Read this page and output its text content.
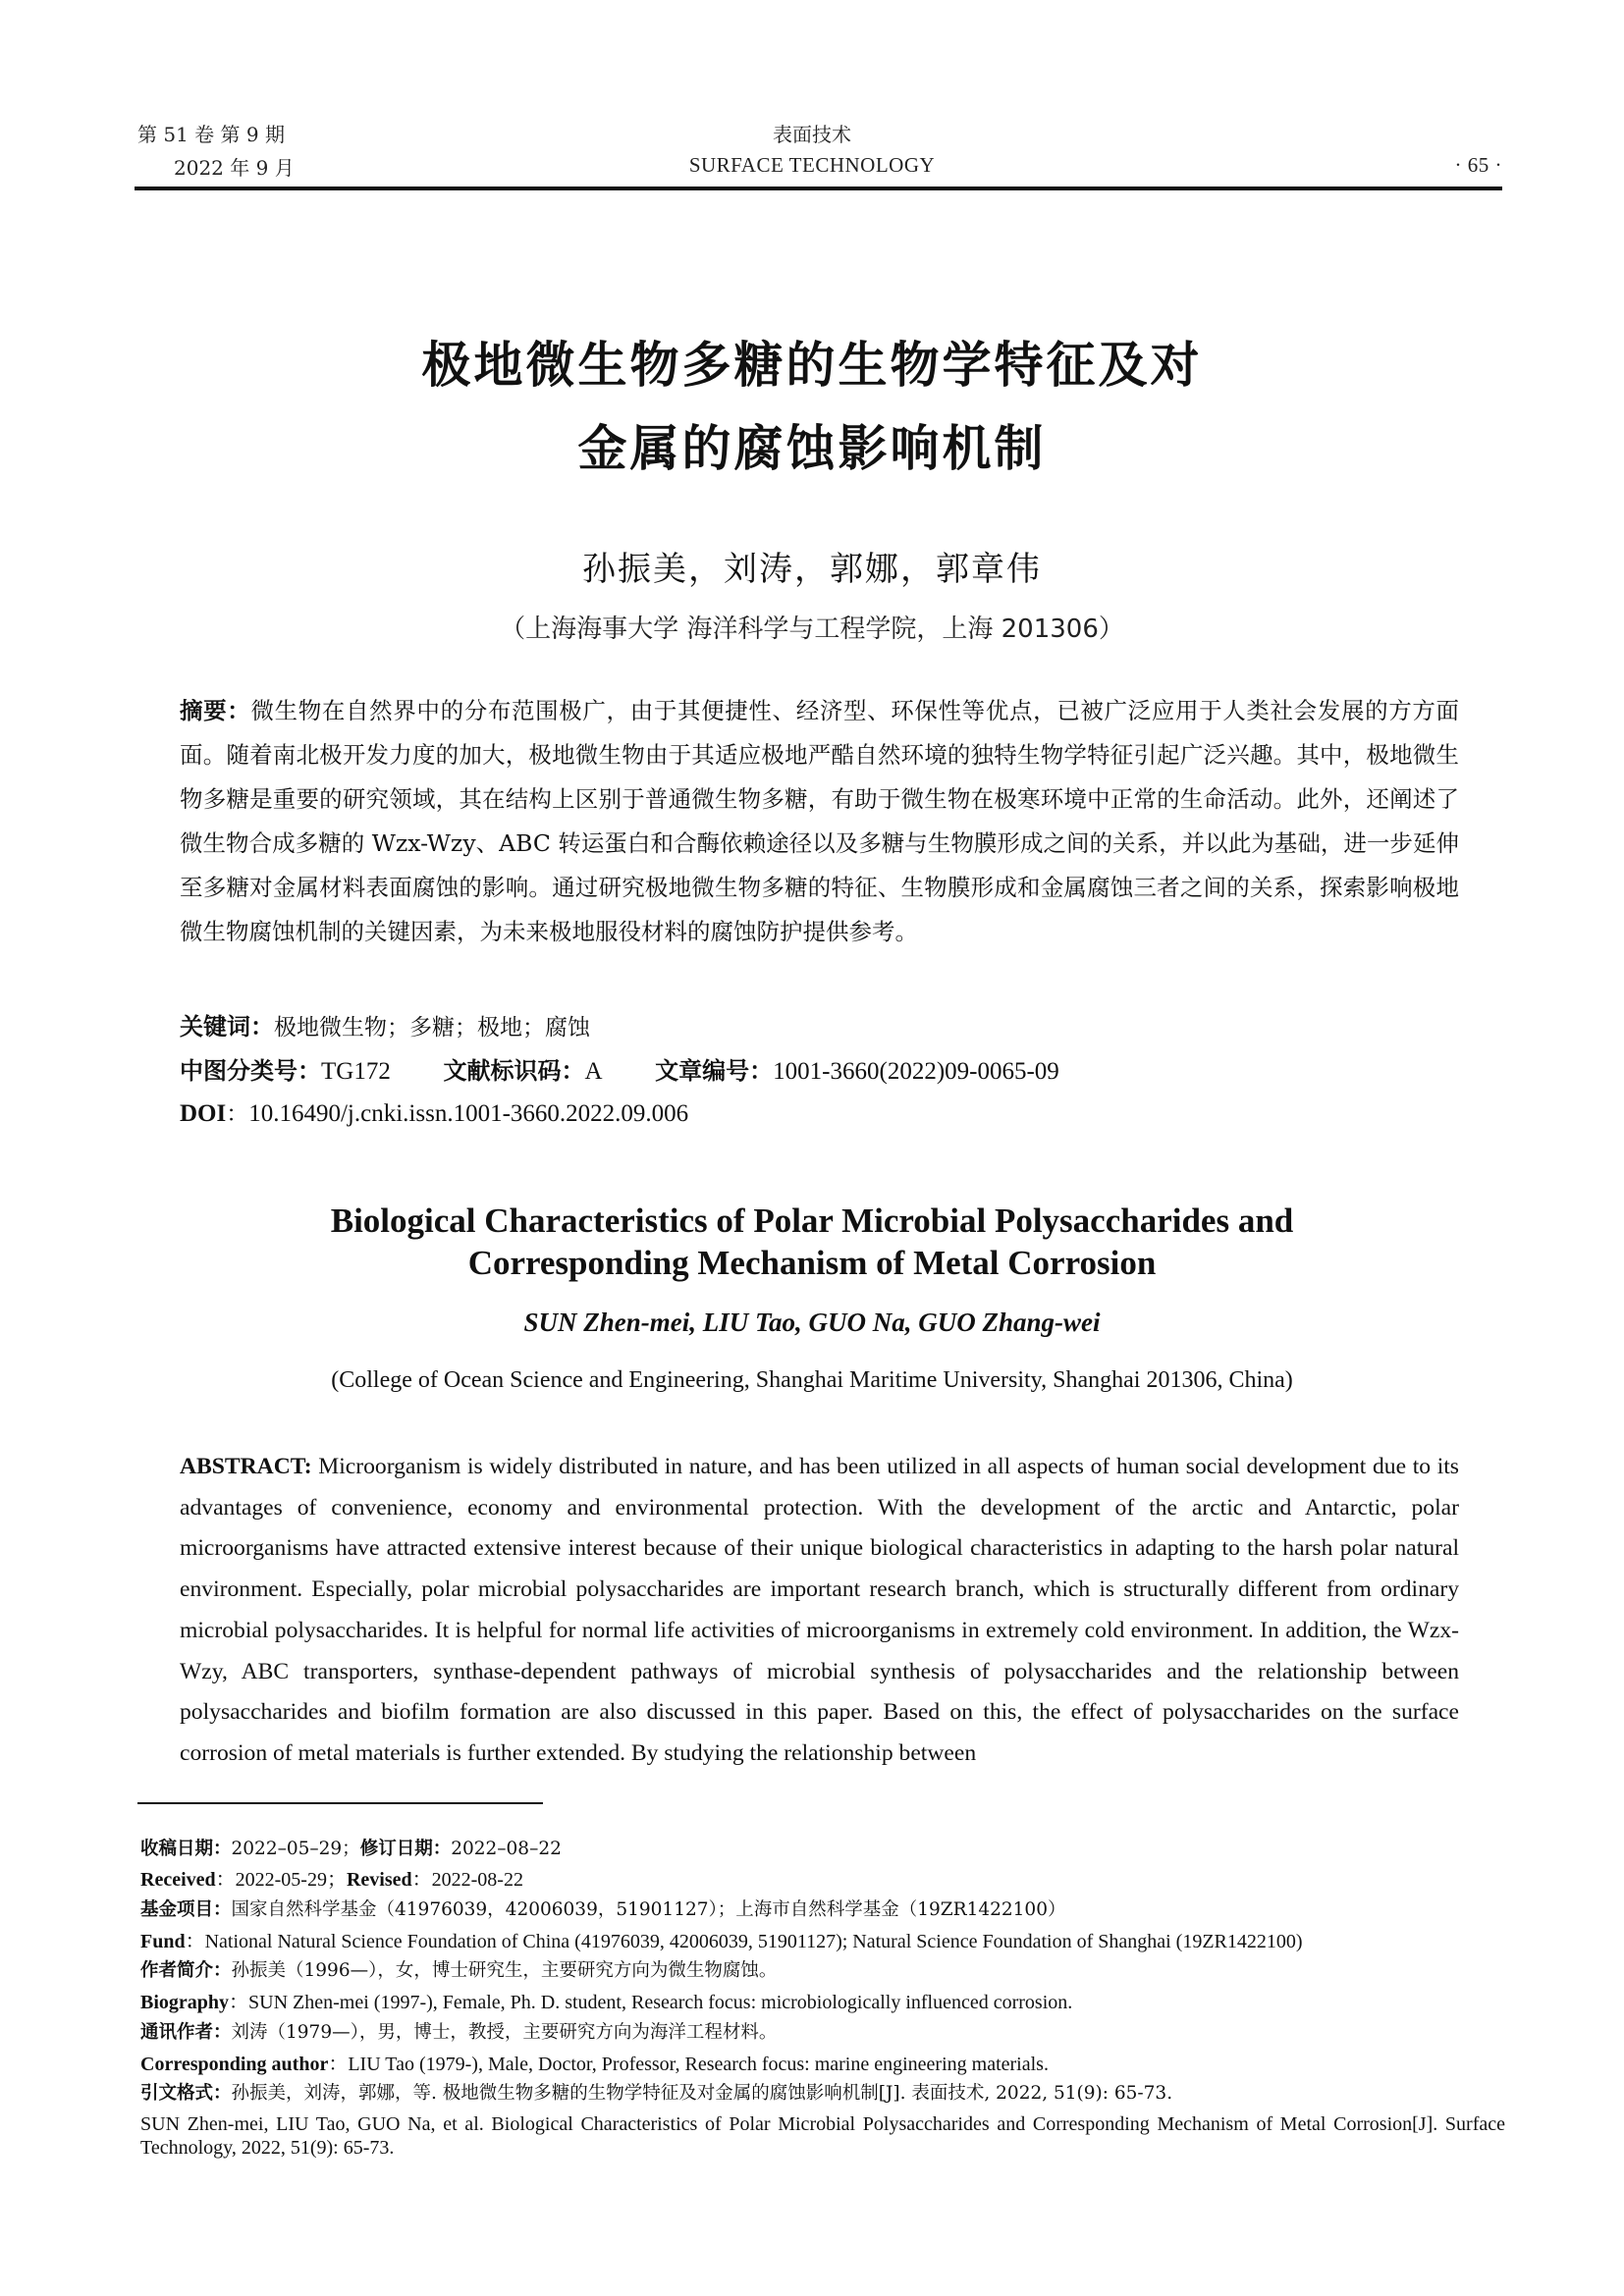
第 51 卷 第 9 期
2022 年 9 月
表面技术
SURFACE TECHNOLOGY	· 65 ·
极地微生物多糖的生物学特征及对
金属的腐蚀影响机制
孙振美，刘涛，郭娜，郭章伟
（上海海事大学 海洋科学与工程学院，上海 201306）
摘要：微生物在自然界中的分布范围极广，由于其便捷性、经济型、环保性等优点，已被广泛应用于人类社会发展的方方面面。随着南北极开发力度的加大，极地微生物由于其适应极地严酷自然环境的独特生物学特征引起广泛兴趣。其中，极地微生物多糖是重要的研究领域，其在结构上区别于普通微生物多糖，有助于微生物在极寒环境中正常的生命活动。此外，还阐述了微生物合成多糖的 Wzx-Wzy、ABC 转运蛋白和合酶依赖途径以及多糖与生物膜形成之间的关系，并以此为基础，进一步延伸至多糖对金属材料表面腐蚀的影响。通过研究极地微生物多糖的特征、生物膜形成和金属腐蚀三者之间的关系，探索影响极地微生物腐蚀机制的关键因素，为未来极地服役材料的腐蚀防护提供参考。
关键词：极地微生物；多糖；极地；腐蚀
中图分类号：TG172 文献标识码：A 文章编号：1001-3660(2022)09-0065-09
DOI：10.16490/j.cnki.issn.1001-3660.2022.09.006
Biological Characteristics of Polar Microbial Polysaccharides and
Corresponding Mechanism of Metal Corrosion
SUN Zhen-mei, LIU Tao, GUO Na, GUO Zhang-wei
(College of Ocean Science and Engineering, Shanghai Maritime University, Shanghai 201306, China)
ABSTRACT: Microorganism is widely distributed in nature, and has been utilized in all aspects of human social development due to its advantages of convenience, economy and environmental protection. With the development of the arctic and Antarctic, polar microorganisms have attracted extensive interest because of their unique biological characteristics in adapting to the harsh polar natural environment. Especially, polar microbial polysaccharides are important research branch, which is structurally different from ordinary microbial polysaccharides. It is helpful for normal life activities of microorganisms in extremely cold environment. In addition, the Wzx-Wzy, ABC transporters, synthase-dependent pathways of microbial synthesis of polysaccharides and the relationship between polysaccharides and biofilm formation are also discussed in this paper. Based on this, the effect of polysaccharides on the surface corrosion of metal materials is further extended. By studying the relationship between
收稿日期：2022–05–29；修订日期：2022–08–22
Received：2022-05-29；Revised：2022-08-22
基金项目：国家自然科学基金（41976039，42006039，51901127）；上海市自然科学基金（19ZR1422100）
Fund：National Natural Science Foundation of China (41976039, 42006039, 51901127); Natural Science Foundation of Shanghai (19ZR1422100)
作者简介：孙振美（1996—），女，博士研究生，主要研究方向为微生物腐蚀。
Biography：SUN Zhen-mei (1997-), Female, Ph. D. student, Research focus: microbiologically influenced corrosion.
通讯作者：刘涛（1979—），男，博士，教授，主要研究方向为海洋工程材料。
Corresponding author：LIU Tao (1979-), Male, Doctor, Professor, Research focus: marine engineering materials.
引文格式：孙振美，刘涛，郭娜，等. 极地微生物多糖的生物学特征及对金属的腐蚀影响机制[J]. 表面技术, 2022, 51(9): 65-73.
SUN Zhen-mei, LIU Tao, GUO Na, et al. Biological Characteristics of Polar Microbial Polysaccharides and Corresponding Mechanism of Metal Corrosion[J]. Surface Technology, 2022, 51(9): 65-73.
